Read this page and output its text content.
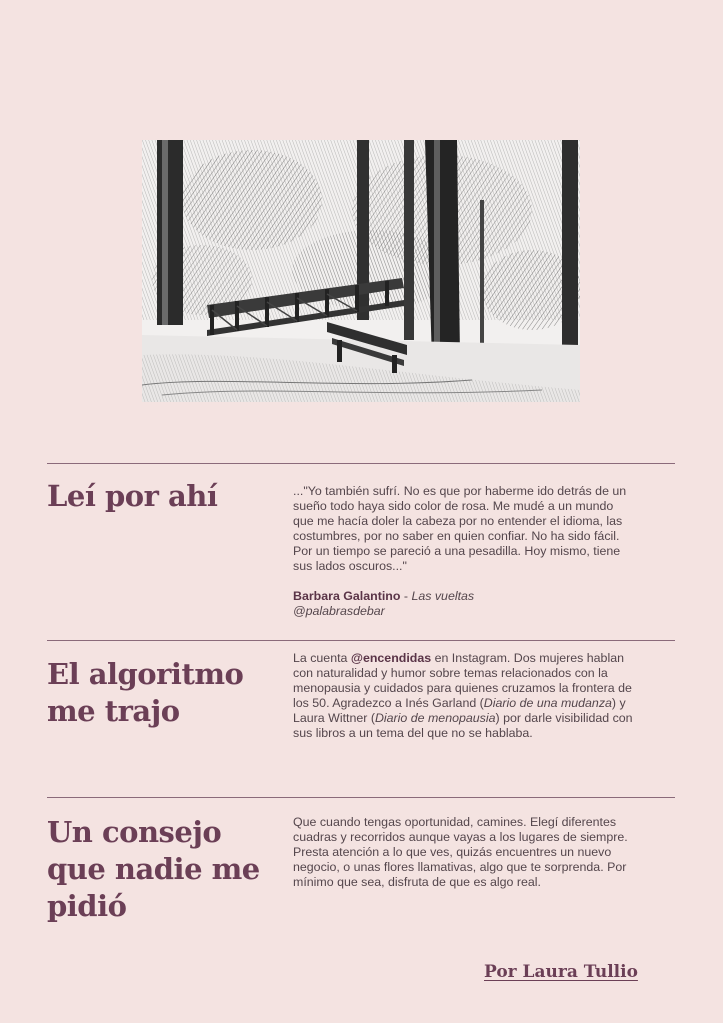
Leí por ahí	..."Yo también sufrí. No es que por haberme ido detrás de un sueño todo haya sido color de rosa. Me mudé a un mundo que me hacía doler la cabeza por no entender el idioma, las costumbres, por no saber en quien confiar. No ha sido fácil. Por un tiempo se pareció a una pesadilla. Hoy mismo, tiene sus lados oscuros..."

Barbara Galantino - Las vueltas

@palabrasdebar

El algoritmo me trajo

La cuenta @encendidas en Instagram. Dos mujeres hablan con naturalidad y humor sobre temas relacionados con la menopausia y cuidados para quienes cruzamos la frontera de los 50. Agradezco a Inés Garland (Diario de una mudanza) y Laura Wittner (Diario de menopausia) por darle visibilidad con sus libros a un tema del que no se hablaba.

Un consejo que nadie me pidió

Que cuando tengas oportunidad, camines. Elegí diferentes cuadras y recorridos aunque vayas a los lugares de siempre. Presta atención a lo que ves, quizás encuentres un nuevo negocio, o unas flores llamativas, algo que te sorprenda. Por mínimo que sea, disfruta de que es algo real.

Por Laura Tullio
